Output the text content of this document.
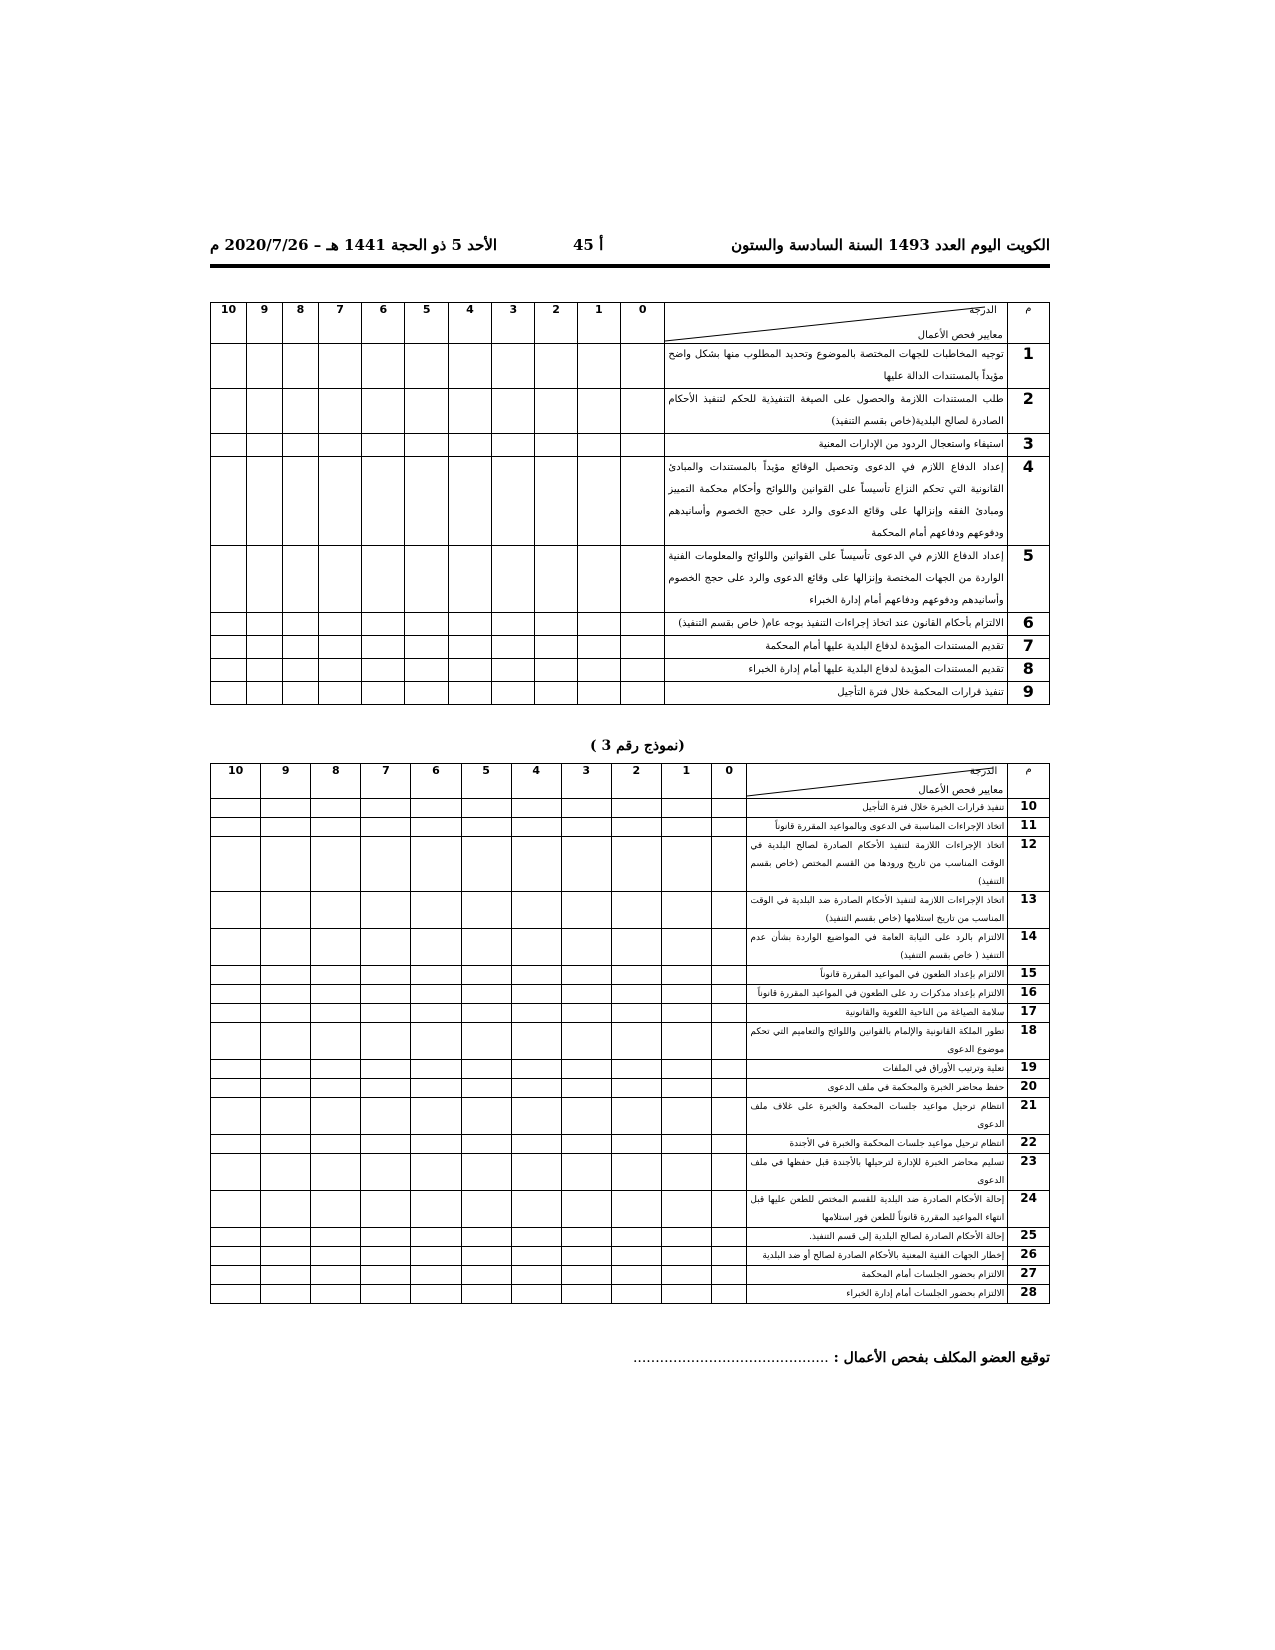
الكويت اليوم العدد 1493 السنة السادسة والستون
أ 45
الأحد 5 ذو الحجة 1441 هـ – 2020/7/26 م
م	الدرجة
معايير فحص الأعمال	0	1	2	3	4	5	6	7	8	9	10
1	توجيه المخاطبات للجهات المختصة بالموضوع وتحديد المطلوب منها بشكل واضح مؤيداً بالمستندات الدالة عليها											
2	طلب المستندات اللازمة والحصول على الصيغة التنفيذية للحكم لتنفيذ الأحكام الصادرة لصالح البلدية(خاص بقسم التنفيذ)											
3	استيفاء واستعجال الردود من الإدارات المعنية											
4	إعداد الدفاع اللازم في الدعوى وتحصيل الوقائع مؤيداً بالمستندات والمبادئ القانونية التي تحكم النزاع تأسيساً على القوانين واللوائح وأحكام محكمة التمييز ومبادئ الفقه وإنزالها على وقائع الدعوى والرد على حجج الخصوم وأسانيدهم ودفوعهم ودفاعهم أمام المحكمة											
5	إعداد الدفاع اللازم في الدعوى تأسيساً على القوانين واللوائح والمعلومات الفنية الواردة من الجهات المختصة وإنزالها على وقائع الدعوى والرد على حجج الخصوم وأسانيدهم ودفوعهم ودفاعهم أمام إدارة الخبراء											
6	الالتزام بأحكام القانون عند اتخاذ إجراءات التنفيذ بوجه عام( خاص بقسم التنفيذ)											
7	تقديم المستندات المؤيدة لدفاع البلدية عليها أمام المحكمة											
8	تقديم المستندات المؤيدة لدفاع البلدية عليها أمام إدارة الخبراء											
9	تنفيذ قرارات المحكمة خلال فترة التأجيل											
(نموذج رقم 3 )
م	الدرجة
معايير فحص الأعمال	0	1	2	3	4	5	6	7	8	9	10
10	تنفيذ قرارات الخبرة خلال فترة التأجيل											
11	اتخاذ الإجراءات المناسبة في الدعوى وبالمواعيد المقررة قانوناً											
12	اتخاذ الإجراءات اللازمة لتنفيذ الأحكام الصادرة لصالح البلدية في الوقت المناسب من تاريخ ورودها من القسم المختص (خاص بقسم التنفيذ)											
13	اتخاذ الإجراءات اللازمة لتنفيذ الأحكام الصادرة ضد البلدية في الوقت المناسب من تاريخ استلامها (خاص بقسم التنفيذ)											
14	الالتزام بالرد على النيابة العامة في المواضيع الواردة بشأن عدم التنفيذ ( خاص بقسم التنفيذ)											
15	الالتزام بإعداد الطعون في المواعيد المقررة قانوناً											
16	الالتزام بإعداد مذكرات رد على الطعون في المواعيد المقررة قانوناً											
17	سلامة الصياغة من الناحية اللغوية والقانونية											
18	تطور الملكة القانونية والإلمام بالقوانين واللوائح والتعاميم التي تحكم موضوع الدعوى											
19	تعلية وترتيب الأوراق في الملفات											
20	حفظ محاضر الخبرة والمحكمة في ملف الدعوى											
21	انتظام ترحيل مواعيد جلسات المحكمة والخبرة على غلاف ملف الدعوى											
22	انتظام ترحيل مواعيد جلسات المحكمة والخبرة في الأجندة											
23	تسليم محاضر الخبرة للإدارة لترحيلها بالأجندة قبل حفظها في ملف الدعوى											
24	إحالة الأحكام الصادرة ضد البلدية للقسم المختص للطعن عليها قبل انتهاء المواعيد المقررة قانوناً للطعن فور استلامها											
25	إحالة الأحكام الصادرة لصالح البلدية إلى قسم التنفيذ.											
26	إخطار الجهات الفنية المعنية بالأحكام الصادرة لصالح أو ضد البلدية											
27	الالتزام بحضور الجلسات أمام المحكمة											
28	الالتزام بحضور الجلسات أمام إدارة الخبراء											
توقيع العضو المكلف بفحص الأعمال : ............................................
